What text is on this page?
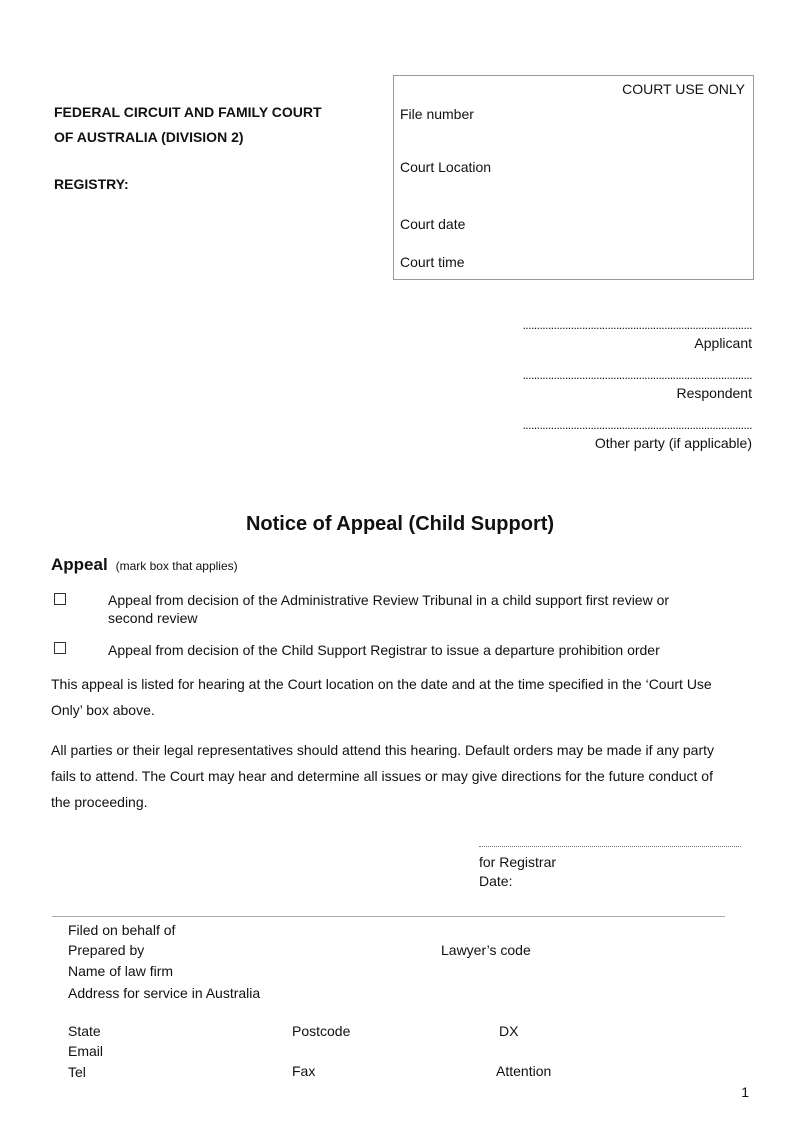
FEDERAL CIRCUIT AND FAMILY COURT
OF AUSTRALIA (DIVISION 2)
REGISTRY:
COURT USE ONLY
File number
Court Location
Court date
Court time
.................................................................................
Applicant
.................................................................................
Respondent
.................................................................................
Other party (if applicable)
Notice of Appeal (Child Support)
Appeal (mark box that applies)
Appeal from decision of the Administrative Review Tribunal in a child support first review or
second review
Appeal from decision of the Child Support Registrar to issue a departure prohibition order
This appeal is listed for hearing at the Court location on the date and at the time specified in the ‘Court Use
Only’ box above.
All parties or their legal representatives should attend this hearing. Default orders may be made if any party
fails to attend. The Court may hear and determine all issues or may give directions for the future conduct of
the proceeding.
for Registrar
Date:
Filed on behalf of
Prepared by	Lawyer’s code
Name of law firm
Address for service in Australia
State	Postcode	DX
Email
Tel	Fax	Attention
1
